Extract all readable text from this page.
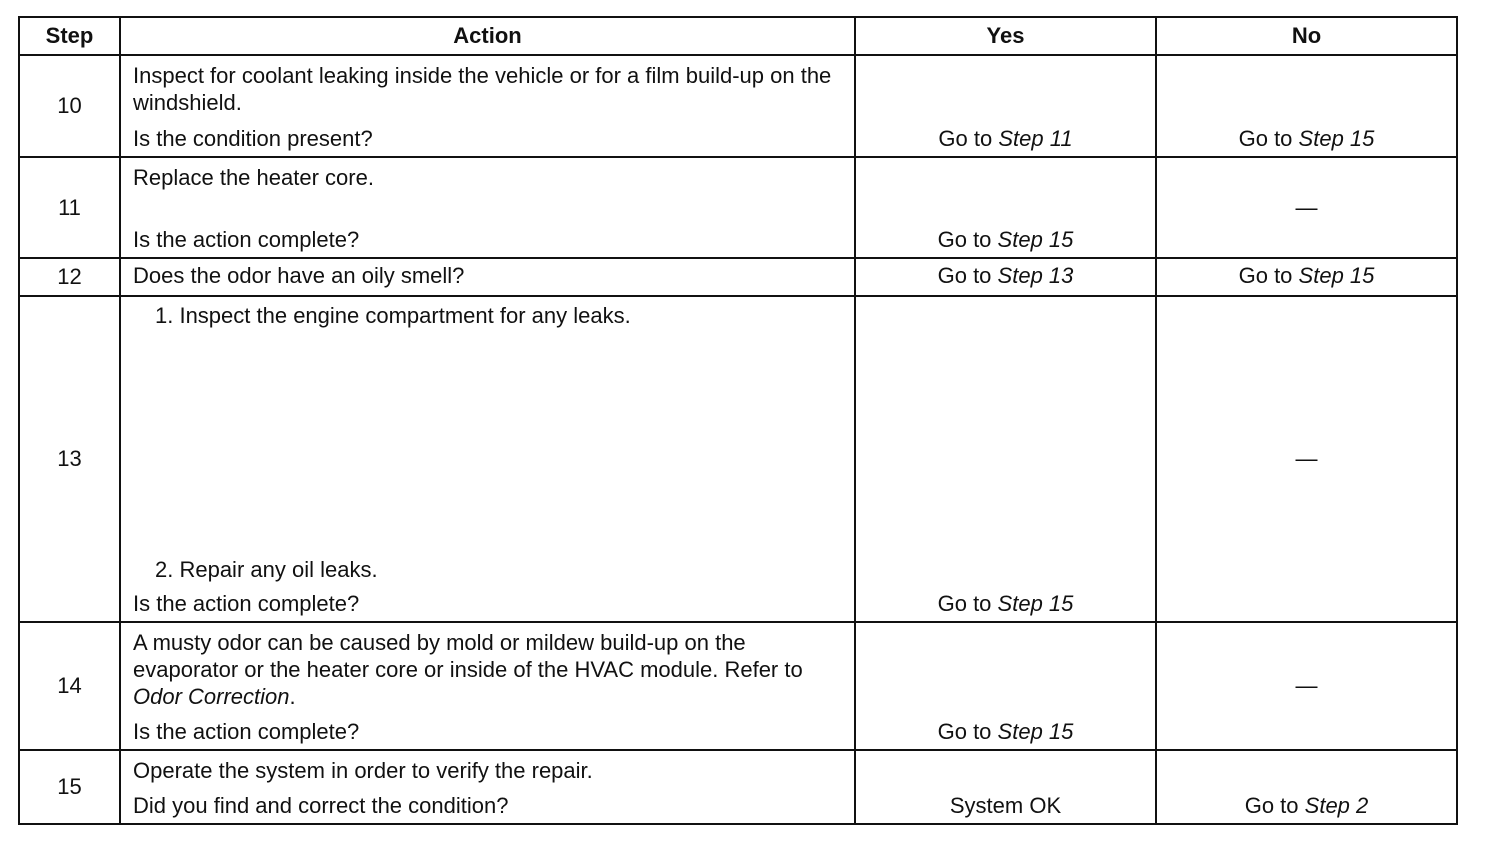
Step	Action	Yes	No
10	Inspect for coolant leaking inside the vehicle or for a film build-up on the windshield.
Is the condition present?	Go to Step 11	Go to Step 15

11	Replace the heater core.
Is the action complete?	Go to Step 15	—

12	Does the odor have an oily smell?	Go to Step 13	Go to Step 15

13	1. Inspect the engine compartment for any leaks.
2. Repair any oil leaks.
Is the action complete?	Go to Step 15	—

14	A musty odor can be caused by mold or mildew build-up on the evaporator or the heater core or inside of the HVAC module. Refer to Odor Correction.
Is the action complete?	Go to Step 15	—

15	Operate the system in order to verify the repair.
Did you find and correct the condition?	System OK	Go to Step 2
